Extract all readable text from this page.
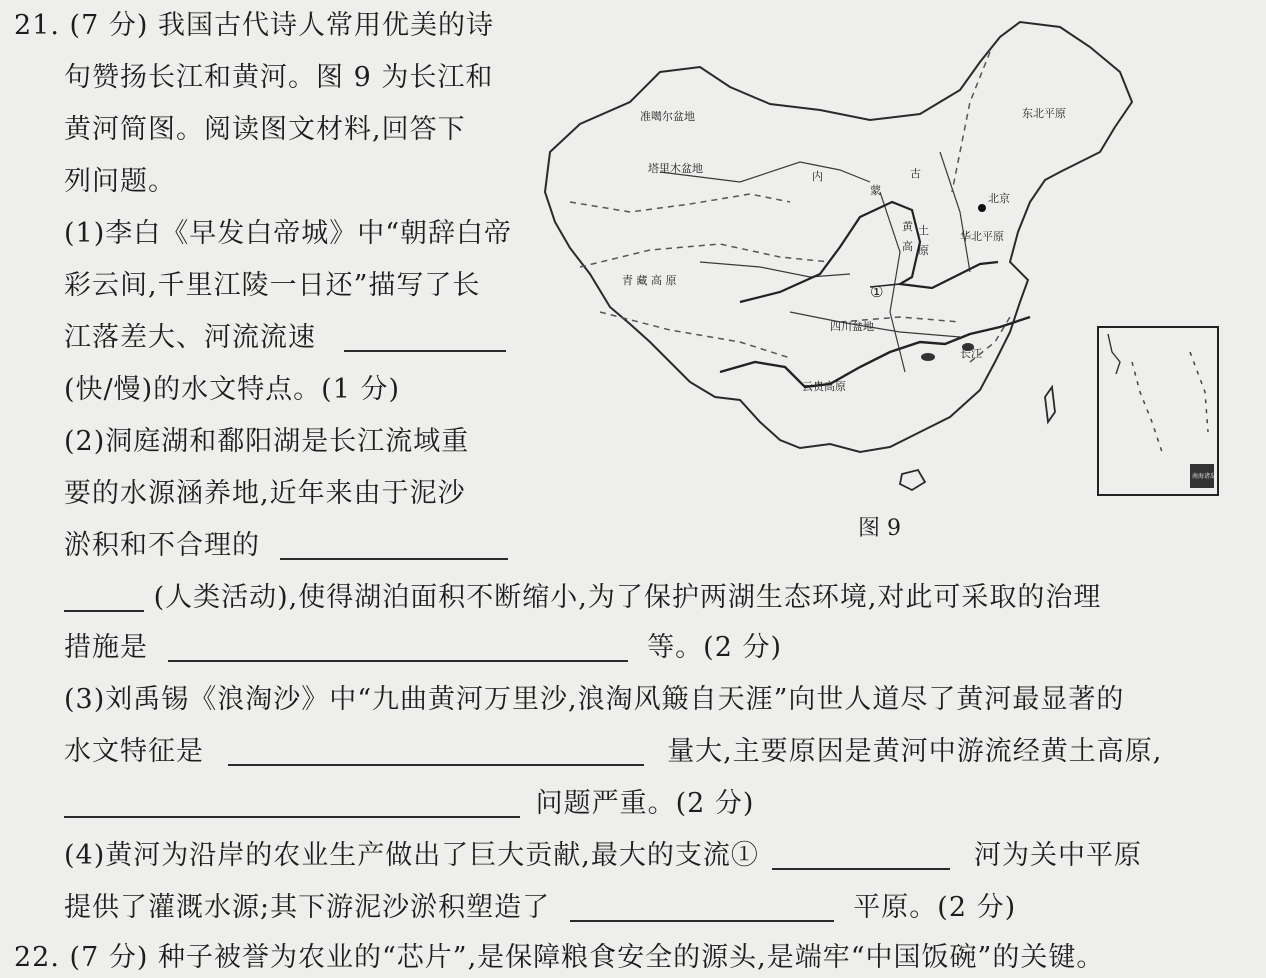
21. (7 分) 我国古代诗人常用优美的诗
句赞扬长江和黄河。图 9 为长江和
黄河简图。阅读图文材料,回答下
列问题。
(1)李白《早发白帝城》中“朝辞白帝
彩云间,千里江陵一日还”描写了长
江落差大、河流流速
(快/慢)的水文特点。(1 分)
(2)洞庭湖和鄱阳湖是长江流域重
要的水源涵养地,近年来由于泥沙
淤积和不合理的
(人类活动),使得湖泊面积不断缩小,为了保护两湖生态环境,对此可采取的治理
措施是	等。(2 分)
(3)刘禹锡《浪淘沙》中“九曲黄河万里沙,浪淘风簸自天涯”向世人道尽了黄河最显著的
水文特征是	量大,主要原因是黄河中游流经黄土高原,
问题严重。(2 分)
(4)黄河为沿岸的农业生产做出了巨大贡献,最大的支流①	河为关中平原
提供了灌溉水源;其下游泥沙淤积塑造了	平原。(2 分)
22. (7 分) 种子被誉为农业的“芯片”,是保障粮食安全的源头,是端牢“中国饭碗”的关键。
准噶尔盆地
塔里木盆地
内
蒙
古
青 藏 高 原
四川盆地
云贵高原
东北平原
北京
黄 土
高 原
华北平原
长江
①
南海诸岛
图 9
